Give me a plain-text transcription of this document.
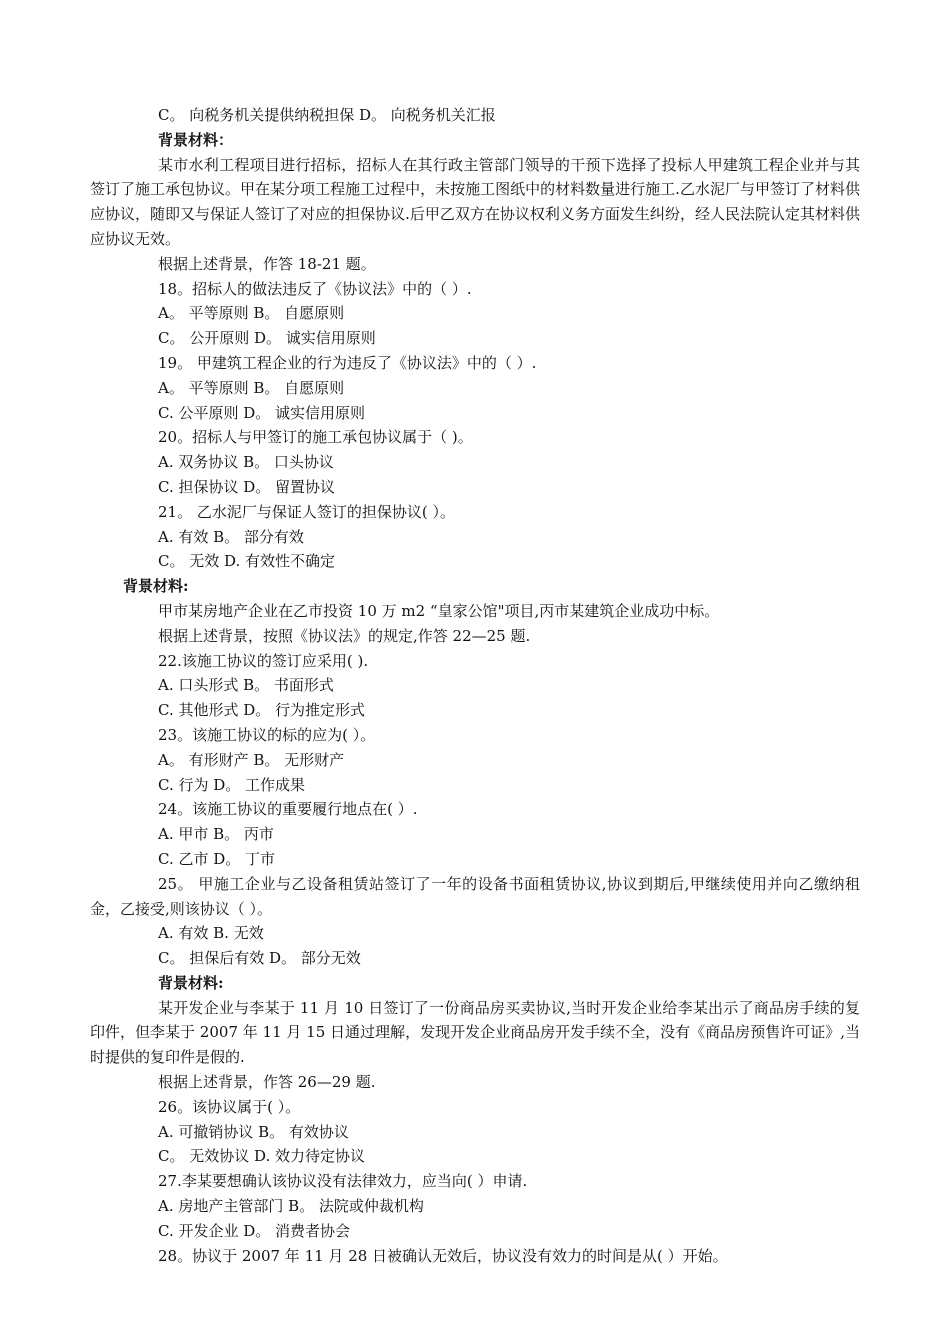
C。 向税务机关提供纳税担保 D。 向税务机关汇报
背景材料：
某市水利工程项目进行招标，招标人在其行政主管部门领导的干预下选择了投标人甲建筑工程企业并与其签订了施工承包协议。甲在某分项工程施工过程中，未按施工图纸中的材料数量进行施工.乙水泥厂与甲签订了材料供应协议，随即又与保证人签订了对应的担保协议.后甲乙双方在协议权利义务方面发生纠纷，经人民法院认定其材料供应协议无效。
根据上述背景，作答 18-21 题。
18。招标人的做法违反了《协议法》中的（ ）.
A。 平等原则 B。 自愿原则
C。 公开原则 D。 诚实信用原则
19。 甲建筑工程企业的行为违反了《协议法》中的（ ）.
A。 平等原则 B。 自愿原则
C. 公平原则 D。 诚实信用原则
20。招标人与甲签订的施工承包协议属于（ )。
A. 双务协议 B。 口头协议
C. 担保协议 D。 留置协议
21。 乙水泥厂与保证人签订的担保协议( ）。
A. 有效 B。 部分有效
C。 无效 D. 有效性不确定
背景材料:
甲市某房地产企业在乙市投资 10 万 m2 “皇家公馆"项目,丙市某建筑企业成功中标。
根据上述背景，按照《协议法》的规定,作答 22—25 题.
22.该施工协议的签订应采用( ).
A. 口头形式 B。 书面形式
C. 其他形式 D。 行为推定形式
23。该施工协议的标的应为( ）。
A。 有形财产 B。 无形财产
C. 行为 D。 工作成果
24。该施工协议的重要履行地点在( ）.
A. 甲市 B。 丙市
C. 乙市 D。 丁市
25。 甲施工企业与乙设备租赁站签订了一年的设备书面租赁协议,协议到期后,甲继续使用并向乙缴纳租金，乙接受,则该协议（ ）。
A. 有效 B. 无效
C。 担保后有效 D。 部分无效
背景材料:
某开发企业与李某于 11 月 10 日签订了一份商品房买卖协议,当时开发企业给李某出示了商品房手续的复印件，但李某于 2007 年 11 月 15 日通过理解，发现开发企业商品房开发手续不全，没有《商品房预售许可证》,当时提供的复印件是假的.
根据上述背景，作答 26—29 题.
26。该协议属于( ）。
A. 可撤销协议 B。 有效协议
C。 无效协议 D. 效力待定协议
27.李某要想确认该协议没有法律效力，应当向( ）申请.
A. 房地产主管部门 B。 法院或仲裁机构
C. 开发企业 D。 消费者协会
28。协议于 2007 年 11 月 28 日被确认无效后，协议没有效力的时间是从( ）开始。
